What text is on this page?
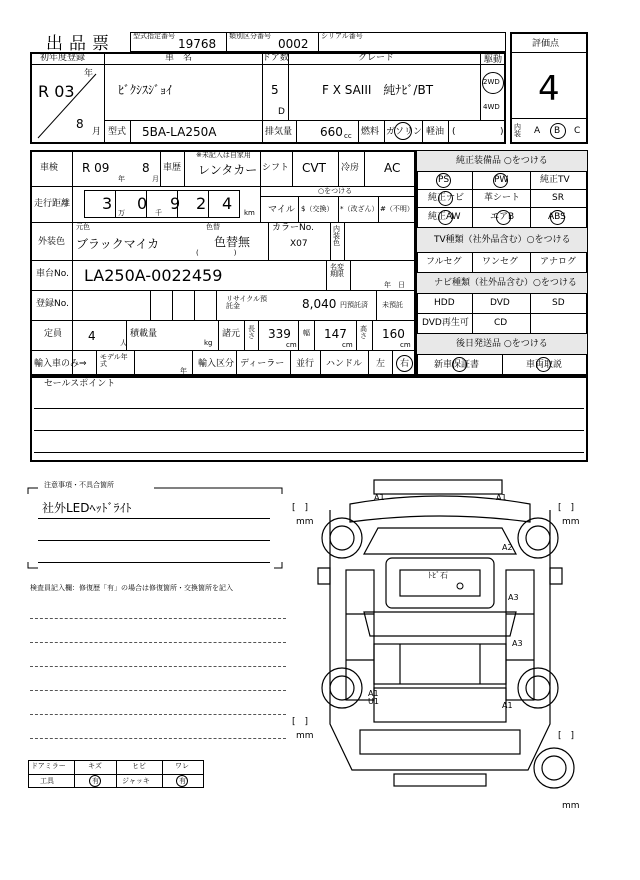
出品票	型式指定番号
19768
類別区分番号
0002
シリアル番号
評価点
4
内装 A B C
初年度登録
年
R 03
8
月
車　名
ﾋﾞｸｼｽｼﾞｮｲ
ドア数
5
D
グレード
F X SAIII　純ﾅﾋﾞ/BT
駆動
2WD
4WD
型式 5BA-LA250A	排気量 660 cc 燃料 ガソリン 軽油 (	)
車検 R 09
年
8
月
車歴
※未記入は自家用
レンタカー シフト CVT 冷房 AC
走行距離 3 万 0 千 9 2 4 km
○をつける
マイル $（交換） *（改ざん） #（不明）
外装色
元色
ブラックマイカ
色替
色替無
(　　　　　)
カラーNo.
X07
内装色
車台No. LA250A-0022459	名変期限
年　日
登録No.	リサイクル預託金	8,040 円預託済 未預託
定員 4	人
積載量
kg
諸元 長さ 339
cm
幅 147
cm
高さ 160
cm
輸入車のみ⇒
モデル年式
年
輸入区分 ディーラー 並行 ハンドル 左 右
純正装備品 ○をつける
PS	PW	純正TV
純正ナビ 革シート	SR
純正AW	エアB	ABS
TV種類（社外品含む）○をつける
フルセグ ワンセグ アナログ
ナビ種類（社外品含む）○をつける
HDD	DVD	SD
DVD再生可	CD
後日発送品 ○をつける
新車保証書	車両取説
セールスポイント
注意事項・不具合箇所
社外LEDﾍｯﾄﾞﾗｲﾄ
検査員記入欄：修復歴「有」の場合は修復箇所・交換箇所を記入
ドアミラー	キズ	ヒビ	ワレ
工具	有	ジャッキ	有
[　]
mm
[　]
mm
[　]
mm	[　]
mm
A1	A1
A2
A3
A3
A1
U1	A1
ﾄﾋﾞ石
